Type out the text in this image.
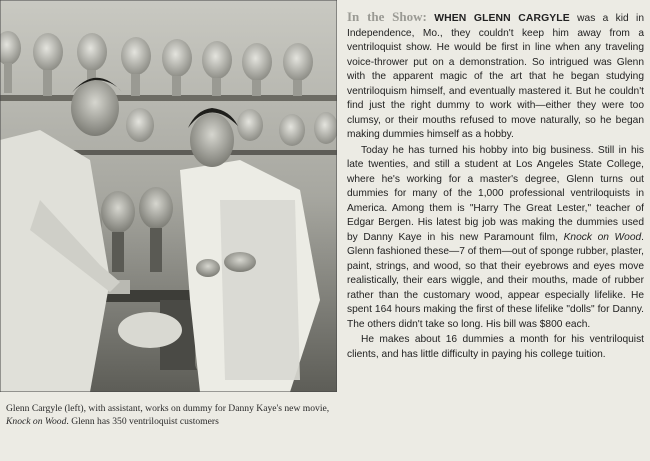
Glenn Cargyle (left), with assistant, works on dummy for Danny Kaye's new movie, Knock on Wood. Glenn has 350 ventriloquist customers

In the Show: WHEN GLENN CARGYLE was a kid in Independence, Mo., they couldn't keep him away from a ventriloquist show. He would be first in line when any traveling voice-thrower put on a demonstration. So intrigued was Glenn with the apparent magic of the art that he began studying ventriloquism himself, and eventually mastered it. But he couldn't find just the right dummy to work with—either they were too clumsy, or their mouths refused to move naturally, so he began making dummies himself as a hobby.

Today he has turned his hobby into big business. Still in his late twenties, and still a student at Los Angeles State College, where he's working for a master's degree, Glenn turns out dummies for many of the 1,000 professional ventriloquists in America. Among them is "Harry The Great Lester," teacher of Edgar Bergen. His latest big job was making the dummies used by Danny Kaye in his new Paramount film, Knock on Wood. Glenn fashioned these—7 of them—out of sponge rubber, plaster, paint, strings, and wood, so that their eyebrows and eyes move realistically, their ears wiggle, and their mouths, made of rubber rather than the customary wood, appear especially lifelike. He spent 164 hours making the first of these lifelike "dolls" for Danny. The others didn't take so long. His bill was $800 each.

He makes about 16 dummies a month for his ventriloquist clients, and has little difficulty in paying his college tuition.
